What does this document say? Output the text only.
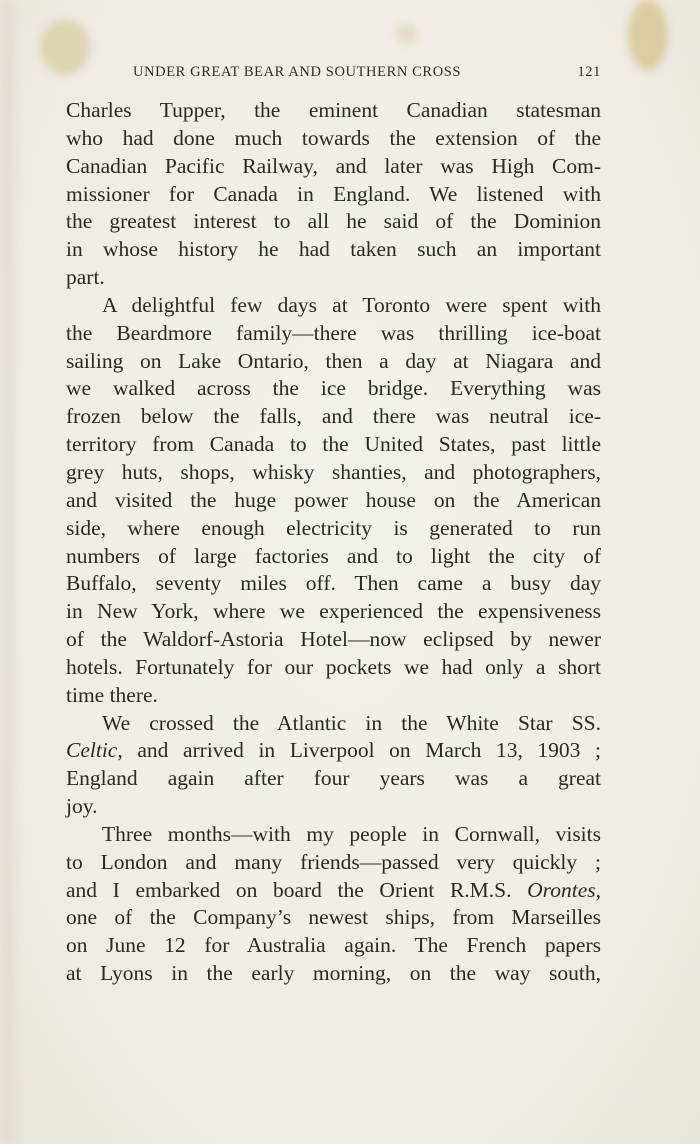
UNDER GREAT BEAR AND SOUTHERN CROSS	121
Charles Tupper, the eminent Canadian statesman
who had done much towards the extension of the
Canadian Pacific Railway, and later was High Com-
missioner for Canada in England. We listened with
the greatest interest to all he said of the Dominion
in whose history he had taken such an important
part.
A delightful few days at Toronto were spent with
the Beardmore family—there was thrilling ice-boat
sailing on Lake Ontario, then a day at Niagara and
we walked across the ice bridge. Everything was
frozen below the falls, and there was neutral ice-
territory from Canada to the United States, past little
grey huts, shops, whisky shanties, and photographers,
and visited the huge power house on the American
side, where enough electricity is generated to run
numbers of large factories and to light the city of
Buffalo, seventy miles off. Then came a busy day
in New York, where we experienced the expensiveness
of the Waldorf-Astoria Hotel—now eclipsed by newer
hotels. Fortunately for our pockets we had only a short
time there.
We crossed the Atlantic in the White Star SS.
Celtic, and arrived in Liverpool on March 13, 1903 ;
England again after four years was a great
joy.
Three months—with my people in Cornwall, visits
to London and many friends—passed very quickly ;
and I embarked on board the Orient R.M.S. Orontes,
one of the Company’s newest ships, from Marseilles
on June 12 for Australia again. The French papers
at Lyons in the early morning, on the way south,
